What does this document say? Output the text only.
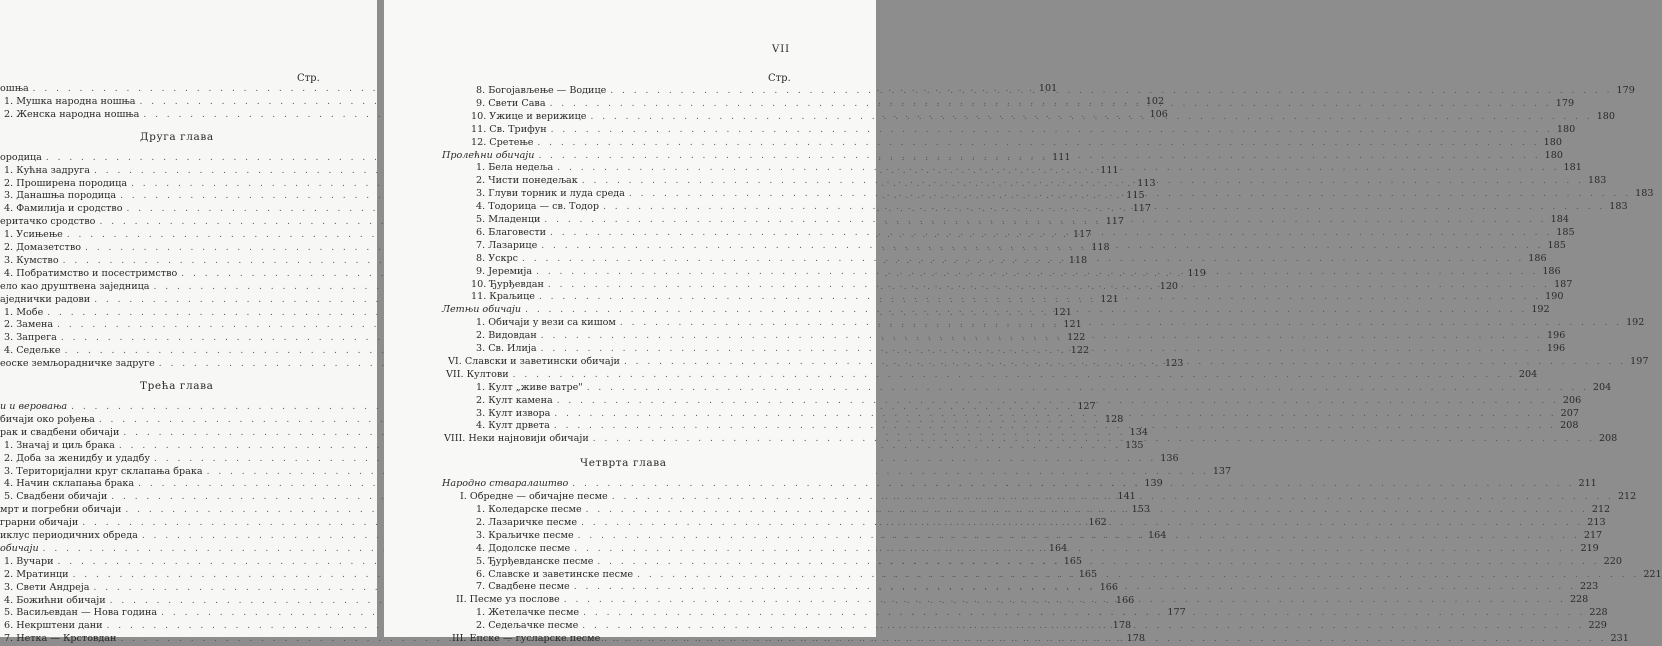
Стр.
ошња . . .	101
1. Мушка народна ношња . . .	102
2. Женска народна ношња . . .	106
Друга глава
ородица . . .	111
1. Кућна задруга . . .	111
2. Проширена породица . . .	113
3. Данашња породица . . .	115
4. Фамилија и сродство . . .	117
еритачко сродство . . .	117
1. Усињење . . .	117
2. Домазетство . . .	118
3. Кумство . . .	118
4. Побратимство и посестримство . . .	119
ело као друштвена заједница . . .	120
аједнички радови . . .	121
1. Мобе . . .	121
2. Замена . . .	121
3. Запрега . . .	122
4. Седељке . . .	122
еоске земљорадничке задруге . . .	123
Трећа глава
и и веровања . . .	127
бичаји око рођења . . .	128
рак и свадбени обичаји . . .	134
1. Значај и циљ брака . . .	135
2. Доба за женидбу и удадбу . . .	136
3. Територијални круг склапања брака . . .	137
4. Начин склапања брака . . .	139
5. Свадбени обичаји . . .	141
мрт и погребни обичаји . . .	153
грарни обичаји . . .	162
иклус периодичних обреда . . .	164
обичаји . . .	164
1. Вучари . . .	165
2. Мратинци . . .	165
3. Свети Андреја . . .	166
4. Божићни обичаји . . .	166
5. Васиљевдан — Нова година . . .	177
6. Некрштени дани . . .	178
7. Нетка — Крстовдан . . .	178
VII
Стр.
8. Богојављење — Водице . . .	179
9. Свети Сава . . .	179
10. Ужице и верижице . . .	180
11. Св. Трифун . . .	180
12. Сретење . . .	180
Пролећни обичаји . . .	180
1. Бела недеља . . .	181
2. Чисти понедељак . . .	183
3. Глуви торник и луда среда . . .	183
4. Тодорица — св. Тодор . . .	183
5. Младенци . . .	184
6. Благовести . . .	185
7. Лазарице . . .	185
8. Ускрс . . .	186
9. Јеремија . . .	186
10. Ђурђевдан . . .	187
11. Краљице . . .	190
Летњи обичаји . . .	192
1. Обичаји у вези са кишом . . .	192
2. Видовдан . . .	196
3. Св. Илија . . .	196
VI. Славски и заветински обичаји . . .	197
VII. Култови . . .	204
1. Култ „живе ватре" . . .	204
2. Култ камена . . .	206
3. Култ извора . . .	207
4. Култ дрвета . . .	208
VIII. Неки најновији обичаји . . .	208
Четврта глава
Народно стваралаштво . . .	211
I. Обредне — обичајне песме . . .	212
1. Коледарске песме . . .	212
2. Лазаричке песме . . .	213
3. Краљичке песме . . .	217
4. Додолске песме . . .	219
5. Ђурђевданске песме . . .	220
6. Славске и заветинске песме . . .	221
7. Свадбене песме . . .	223
II. Песме уз послове . . .	228
1. Жетелачке песме . . .	228
2. Седељачке песме . . .	229
III. Епске — гусларске песме . . .	231
